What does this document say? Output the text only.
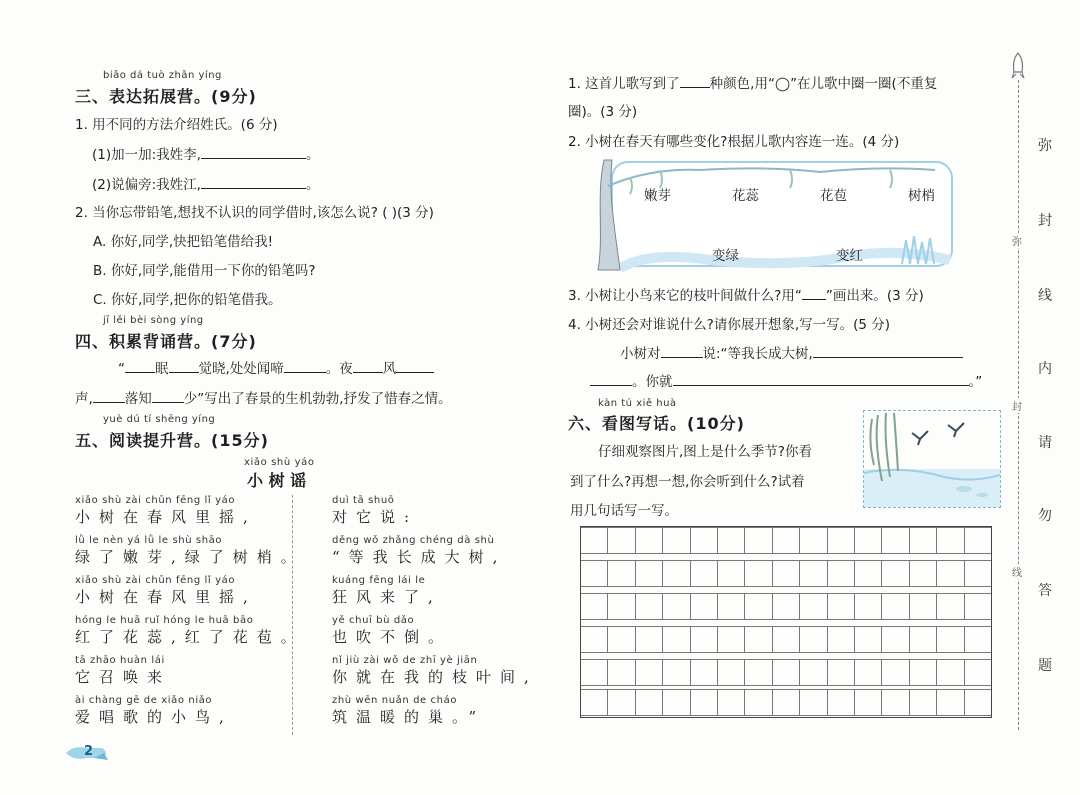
biǎo dá tuò zhǎn yíng
三、表达拓展营。(9分)
1. 用不同的方法介绍姓氏。(6 分)
(1)加一加:我姓李,	。
(2)说偏旁:我姓江,	。
2. 当你忘带铅笔,想找不认识的同学借时,该怎么说? ( )(3 分)
A. 你好,同学,快把铅笔借给我!
B. 你好,同学,能借用一下你的铅笔吗?
C. 你好,同学,把你的铅笔借我。
jī lěi bèi sòng yíng
四、积累背诵营。(7分)
“ 眠 觉晓,处处闻啼	。夜 风
声, 落知 少”写出了春景的生机勃勃,抒发了惜春之情。
yuè dú tí shēng yíng
五、阅读提升营。(15分)
xiǎo shù yáo
小 树 谣
xiǎo shù zài chūn fēng lǐ yáo
小树在春风里摇,
lǜ le nèn yá lǜ le shù shāo
绿了嫩芽,绿了树梢。
xiǎo shù zài chūn fēng lǐ yáo
小树在春风里摇,
hóng le huā ruǐ hóng le huā bāo
红了花蕊,红了花苞。
tā zhāo huàn lái
它召唤来
ài chàng gē de xiǎo niǎo
爱唱歌的小鸟,
duì tā shuō
对它说:
děng wǒ zhǎng chéng dà shù
“等我长成大树,
kuáng fēng lái le
狂风来了,
yě chuī bù dǎo
也吹不倒。
nǐ jiù zài wǒ de zhī yè jiān
你就在我的枝叶间,
zhù wēn nuǎn de cháo
筑温暖的巢。”
2
1. 这首儿歌写到了 种颜色,用“◯”在儿歌中圈一圈(不重复
圈)。(3 分)
2. 小树在春天有哪些变化?根据儿歌内容连一连。(4 分)
嫩芽	花蕊	花苞	树梢
变绿	变红
3. 小树让小鸟来它的枝叶间做什么?用“ ”画出来。(3 分)
4. 小树还会对谁说什么?请你展开想象,写一写。(5 分)
小树对	说:“等我长成大树,
。你就	。”
kàn tú xiě huà
六、看图写话。(10分)
仔细观察图片,图上是什么季节?你看
到了什么?再想一想,你会听到什么?试着
用几句话写一写。
弥
封
线
内
请
勿
答
题
弥
封
线
